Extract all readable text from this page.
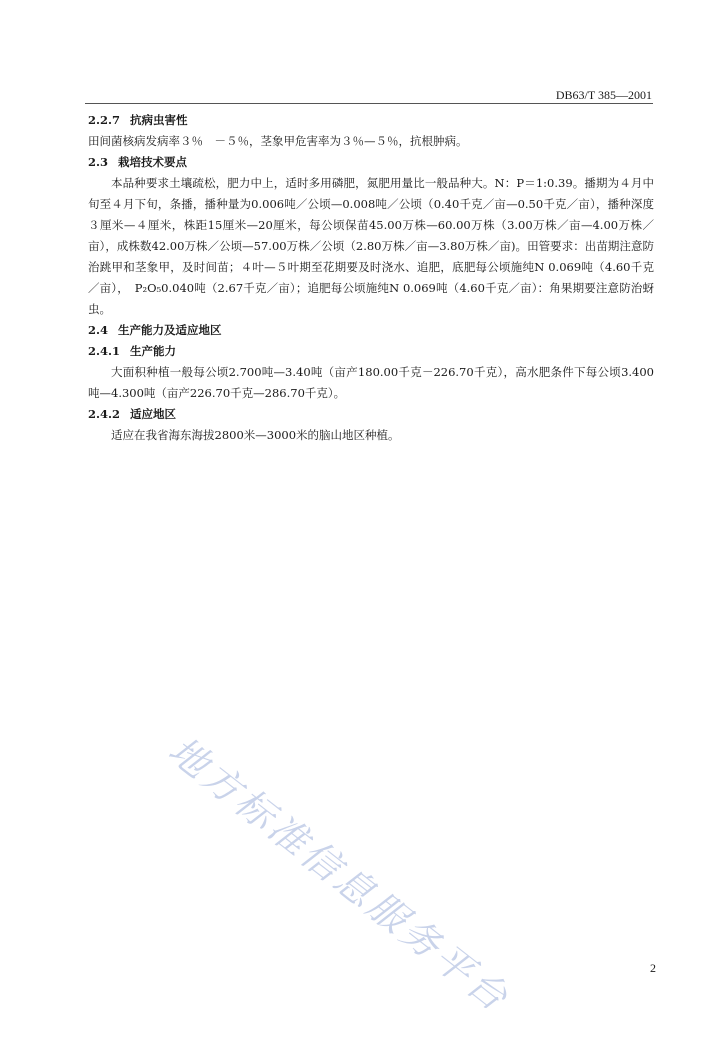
DB63/T 385—2001
2.2.7 抗病虫害性
田间菌核病发病率３％　－５％，茎象甲危害率为３％—５％，抗根肿病。
2.3 栽培技术要点
本品种要求土壤疏松，肥力中上，适时多用磷肥，氮肥用量比一般品种大。N：P＝1:0.39。播期为４月中旬至４月下旬，条播，播种量为0.006吨／公顷—0.008吨／公顷（0.40千克／亩—0.50千克／亩），播种深度３厘米—４厘米，株距15厘米—20厘米，每公顷保苗45.00万株—60.00万株（3.00万株／亩—4.00万株／亩），成株数42.00万株／公顷—57.00万株／公顷（2.80万株／亩—3.80万株／亩)。田管要求：出苗期注意防治跳甲和茎象甲，及时间苗；４叶—５叶期至花期要及时浇水、追肥，底肥每公顷施纯N 0.069吨（4.60千克／亩），　P₂O₅0.040吨（2.67千克／亩）；追肥每公顷施纯N 0.069吨（4.60千克／亩）：角果期要注意防治蚜虫。
2.4 生产能力及适应地区
2.4.1 生产能力
大面积种植一般每公顷2.700吨—3.40吨（亩产180.00千克－226.70千克），高水肥条件下每公顷3.400吨—4.300吨（亩产226.70千克—286.70千克）。
2.4.2 适应地区
适应在我省海东海拔2800米—3000米的脑山地区种植。
地方标准信息服务平台	2
